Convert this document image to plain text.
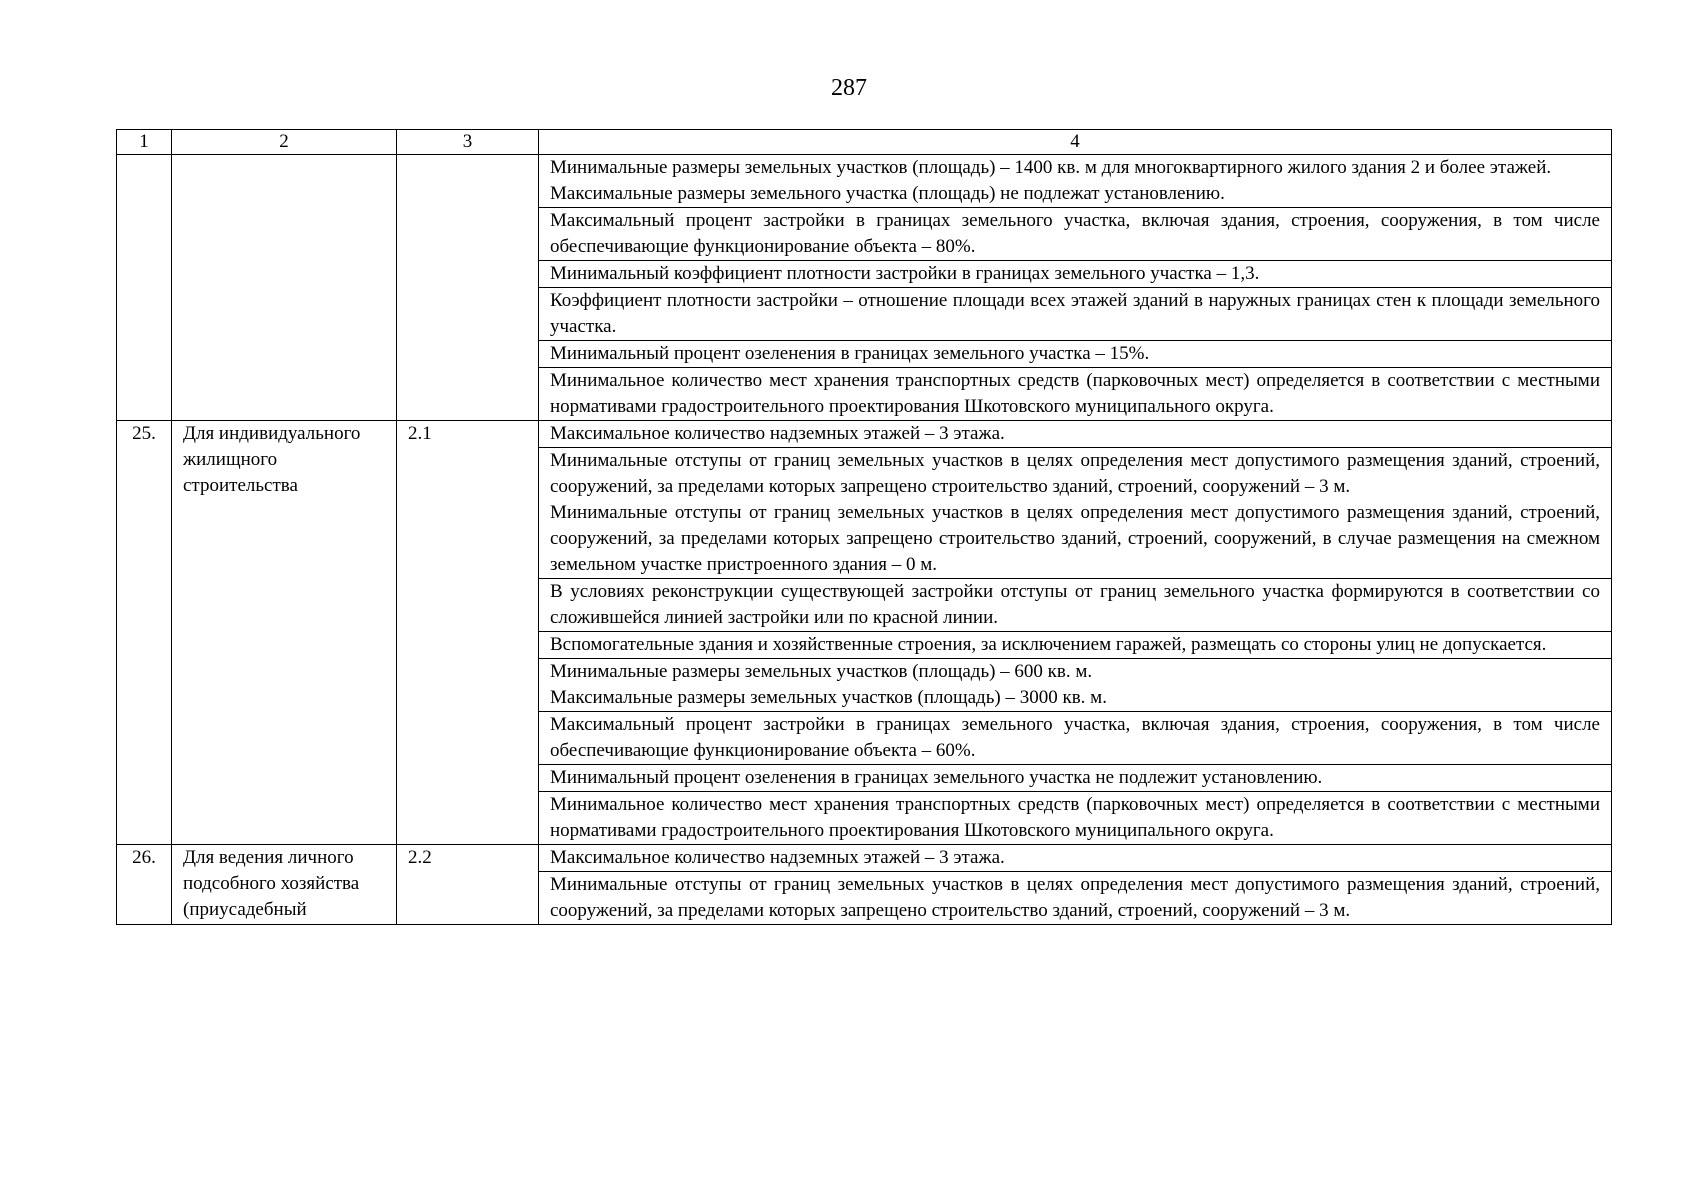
287
1	2	3	4

			Минимальные размеры земельных участков (площадь) – 1400 кв. м для многоквартирного жилого здания 2 и более этажей.
Максимальные размеры земельного участка (площадь) не подлежат установлению.

			Максимальный процент застройки в границах земельного участка, включая здания, строения, сооружения, в том числе обеспечивающие функционирование объекта – 80%.

			Минимальный коэффициент плотности застройки в границах земельного участка – 1,3.

			Коэффициент плотности застройки – отношение площади всех этажей зданий в наружных границах стен к площади земельного участка.

			Минимальный процент озеленения в границах земельного участка – 15%.

			Минимальное количество мест хранения транспортных средств (парковочных мест) определяется в соответствии с местными нормативами градостроительного проектирования Шкотовского муниципального округа.

25.	Для индивидуального жилищного строительства	2.1	Максимальное количество надземных этажей – 3 этажа.

			Минимальные отступы от границ земельных участков в целях определения мест допустимого размещения зданий, строений, сооружений, за пределами которых запрещено строительство зданий, строений, сооружений – 3 м.
Минимальные отступы от границ земельных участков в целях определения мест допустимого размещения зданий, строений, сооружений, за пределами которых запрещено строительство зданий, строений, сооружений, в случае размещения на смежном земельном участке пристроенного здания – 0 м.

			В условиях реконструкции существующей застройки отступы от границ земельного участка формируются в соответствии со сложившейся линией застройки или по красной линии.

			Вспомогательные здания и хозяйственные строения, за исключением гаражей, размещать со стороны улиц не допускается.

			Минимальные размеры земельных участков (площадь) – 600 кв. м.
Максимальные размеры земельных участков (площадь) – 3000 кв. м.

			Максимальный процент застройки в границах земельного участка, включая здания, строения, сооружения, в том числе обеспечивающие функционирование объекта – 60%.

			Минимальный процент озеленения в границах земельного участка не подлежит установлению.

			Минимальное количество мест хранения транспортных средств (парковочных мест) определяется в соответствии с местными нормативами градостроительного проектирования Шкотовского муниципального округа.

26.	Для ведения личного подсобного хозяйства (приусадебный	2.2	Максимальное количество надземных этажей – 3 этажа.

			Минимальные отступы от границ земельных участков в целях определения мест допустимого размещения зданий, строений, сооружений, за пределами которых запрещено строительство зданий, строений, сооружений – 3 м.
